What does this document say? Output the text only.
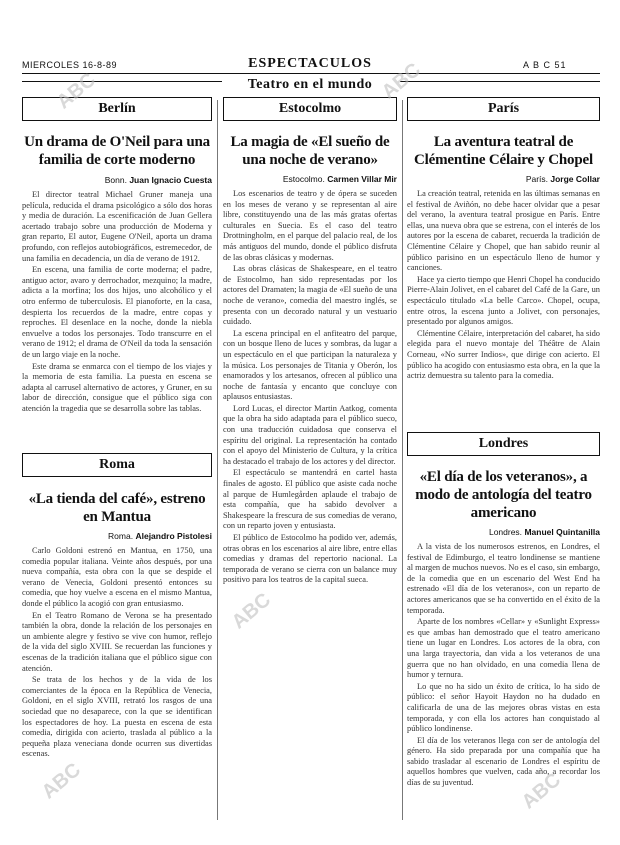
MIERCOLES 16-8-89	ESPECTACULOS	A B C 51
Teatro en el mundo
Berlín
Un drama de O'Neil para una familia de corte moderno
Bonn. Juan Ignacio Cuesta

El director teatral Michael Gruner maneja una película, reducida el drama psicológico a sólo dos horas y media de duración. La escenificación de Juan Gellera acertado trabajo sobre una producción de Moderna y gran reparto, El autor, Eugene O'Neil, aporta un drama profundo, con reflejos autobiográficos, estremecedor, de una familia en decadencia, un día de verano de 1912.

En escena, una familia de corte moderna; el padre, antiguo actor, avaro y derrochador, mezquino; la madre, adicta a la morfina; los dos hijos, uno alcohólico y el otro enfermo de tuberculosis. El pianoforte, en la casa, despierta los recuerdos de la madre, entre copas y reproches. El desenlace en la noche, donde la niebla envuelve a todos los personajes. Todo transcurre en el verano de 1912; el drama de O'Neil da toda la sensación de un largo viaje en la noche.

Este drama se enmarca con el tiempo de los viajes y la memoria de esta familia. La puesta en escena se adapta al carrusel alternativo de actores, y Gruner, en su labor de dirección, consigue que el público siga con atención la tragedia que se desarrolla sobre las tablas.

Roma
«La tienda del café», estreno en Mantua
Roma. Alejandro Pistolesi

Carlo Goldoni estrenó en Mantua, en 1750, una comedia popular italiana. Veinte años después, por una nueva compañía, esta obra con la que se despide el verano de Venecia, Goldoni presentó entonces su comedia, que hoy vuelve a escena en el mismo Mantua, donde el público la acogió con gran entusiasmo.

En el Teatro Romano de Verona se ha presentado también la obra, donde la relación de los personajes en un ambiente alegre y festivo se vive con humor, reflejo de la vida del siglo XVIII. Se recuerdan las funciones y escenas de la tradición italiana que el público sigue con atención.

Se trata de los hechos y de la vida de los comerciantes de la época en la República de Venecia, Goldoni, en el siglo XVIII, retrató los rasgos de una sociedad que no desaparece, con la que se identifican los espectadores de hoy. La puesta en escena de esta comedia, dirigida con acierto, traslada al público a la pequeña plaza veneciana donde ocurren sus divertidas escenas.

Estocolmo
La magia de «El sueño de una noche de verano»
Estocolmo. Carmen Villar Mir

Los escenarios de teatro y de ópera se suceden en los meses de verano y se representan al aire libre, constituyendo una de las más gratas ofertas culturales en Suecia. Es el caso del teatro Drottningholm, en el parque del palacio real, de los más antiguos del mundo, donde el público disfruta de las obras clásicas y modernas.

Las obras clásicas de Shakespeare, en el teatro de Estocolmo, han sido representadas por los actores del Dramaten; la magia de «El sueño de una noche de verano», comedia del maestro inglés, se presenta con un decorado natural y un vestuario cuidado.

La escena principal en el anfiteatro del parque, con un bosque lleno de luces y sombras, da lugar a un espectáculo en el que participan la naturaleza y la música. Los personajes de Titania y Oberón, los enamorados y los artesanos, ofrecen al público una noche de fantasía y encanto que concluye con aplausos entusiastas.

Lord Lucas, el director Martin Aatkog, comenta que la obra ha sido adaptada para el público sueco, con una traducción cuidadosa que conserva el espíritu del original. La representación ha contado con el apoyo del Ministerio de Cultura, y la crítica ha destacado el trabajo de los actores y del director.

El espectáculo se mantendrá en cartel hasta finales de agosto. El público que asiste cada noche al parque de Humlegården aplaude el trabajo de esta compañía, que ha sabido devolver a Shakespeare la frescura de sus comedias de verano, con un reparto joven y entusiasta.

El público de Estocolmo ha podido ver, además, otras obras en los escenarios al aire libre, entre ellas comedias y dramas del repertorio nacional. La temporada de verano se cierra con un balance muy positivo para los teatros de la capital sueca.

París
La aventura teatral de Clémentine Célaire y Chopel
París. Jorge Collar

La creación teatral, retenida en las últimas semanas en el festival de Aviñón, no debe hacer olvidar que a pesar del verano, la aventura teatral prosigue en París. Entre ellas, una nueva obra que se estrena, con el interés de los autores por la escena de cabaret, recuerda la tradición de Clémentine Célaire y Chopel, que han sabido reunir al público parisino en un espectáculo lleno de humor y canciones.

Hace ya cierto tiempo que Henri Chopel ha conducido Pierre-Alain Jolivet, en el cabaret del Café de la Gare, un espectáculo titulado «La belle Carco». Chopel, ocupa, entre otros, la escena junto a Jolivet, con personajes, presentado por algunos amigos.

Clémentine Célaire, interpretación del cabaret, ha sido elegida para el nuevo montaje del Théâtre de Alain Corneau, «No surrer Indios», que dirige con acierto. El público ha acogido con entusiasmo esta obra, en la que la actriz demuestra su talento para la comedia.

Londres
«El día de los veteranos», a modo de antología del teatro americano
Londres. Manuel Quintanilla

A la vista de los numerosos estrenos, en Londres, el festival de Edimburgo, el teatro londinense se mantiene al margen de muchos nuevos. No es el caso, sin embargo, de la comedia que en un escenario del West End ha estrenado «El día de los veteranos», con un reparto de actores americanos que se ha convertido en el éxito de la temporada.

Aparte de los nombres «Cellar» y «Sunlight Express» es que ambas han demostrado que el teatro americano tiene un lugar en Londres. Los actores de la obra, con una larga trayectoria, dan vida a los veteranos de una guerra que no han olvidado, en una comedia llena de humor y ternura.

Lo que no ha sido un éxito de crítica, lo ha sido de público: el señor Hayoit Haydon no ha dudado en calificarla de una de las mejores obras vistas en esta temporada, y con ella los actores han conquistado al público londinense.

El día de los veteranos llega con ser de antología del género. Ha sido preparada por una compañía que ha sabido trasladar al escenario de Londres el espíritu de aquellos hombres que vuelven, cada año, a recordar los días de su juventud.

ABC
ABC
ABC
ABC
ABC
